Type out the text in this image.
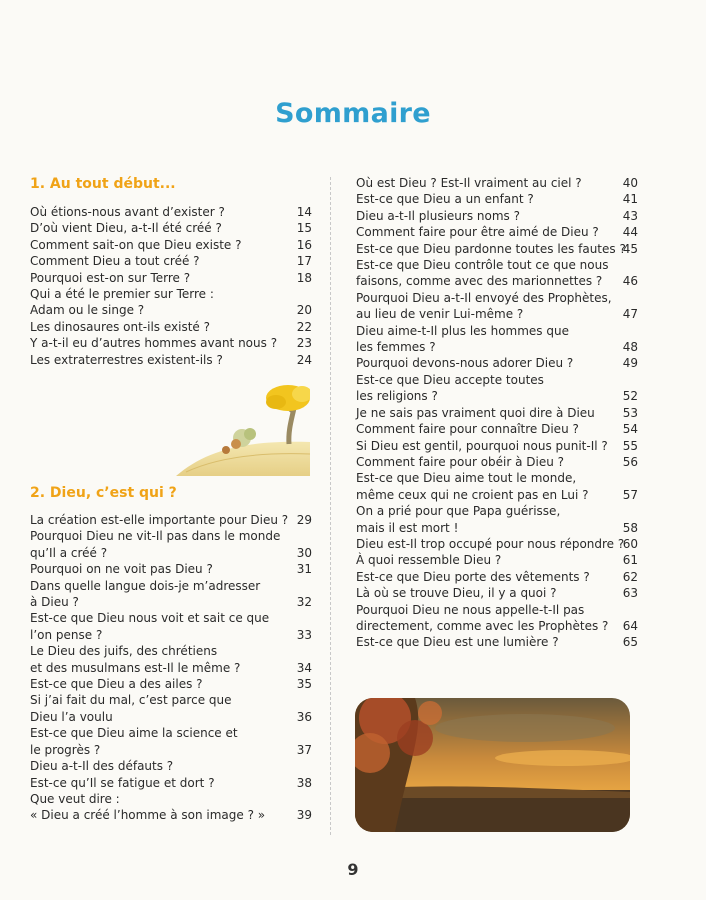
Sommaire
1. Au tout début...
Où étions-nous avant d’exister ?	14
D’où vient Dieu, a-t-Il été créé ?	15
Comment sait-on que Dieu existe ?	16
Comment Dieu a tout créé ?	17
Pourquoi est-on sur Terre ?	18
Qui a été le premier sur Terre :
Adam ou le singe ?	20
Les dinosaures ont-ils existé ?	22
Y a-t-il eu d’autres hommes avant nous ?	23
Les extraterrestres existent-ils ?	24
2. Dieu, c’est qui ?
La création est-elle importante pour Dieu ? 29
Pourquoi Dieu ne vit-Il pas dans le monde
qu’Il a créé ?	30
Pourquoi on ne voit pas Dieu ?	31
Dans quelle langue dois-je m’adresser
à Dieu ?	32
Est-ce que Dieu nous voit et sait ce que
l’on pense ?	33
Le Dieu des juifs, des chrétiens
et des musulmans est-Il le même ?	34
Est-ce que Dieu a des ailes ?	35
Si j’ai fait du mal, c’est parce que
Dieu l’a voulu	36
Est-ce que Dieu aime la science et
le progrès ?	37
Dieu a-t-Il des défauts ?
Est-ce qu’Il se fatigue et dort ?	38
Que veut dire :
« Dieu a créé l’homme à son image ? »	39
Où est Dieu ? Est-Il vraiment au ciel ?	40
Est-ce que Dieu a un enfant ?	41
Dieu a-t-Il plusieurs noms ?	43
Comment faire pour être aimé de Dieu ?	44
Est-ce que Dieu pardonne toutes les fautes ?
45
Est-ce que Dieu contrôle tout ce que nous
faisons, comme avec des marionnettes ?	46
Pourquoi Dieu a-t-Il envoyé des Prophètes,
au lieu de venir Lui-même ?	47
Dieu aime-t-Il plus les hommes que
les femmes ?	48
Pourquoi devons-nous adorer Dieu ?	49
Est-ce que Dieu accepte toutes
les religions ?	52
Je ne sais pas vraiment quoi dire à Dieu	53
Comment faire pour connaître Dieu ?	54
Si Dieu est gentil, pourquoi nous punit-Il ?	55
Comment faire pour obéir à Dieu ?	56
Est-ce que Dieu aime tout le monde,
même ceux qui ne croient pas en Lui ?	57
On a prié pour que Papa guérisse,
mais il est mort !	58
Dieu est-Il trop occupé pour nous répondre ?
60
À quoi ressemble Dieu ?	61
Est-ce que Dieu porte des vêtements ?	62
Là où se trouve Dieu, il y a quoi ?	63
Pourquoi Dieu ne nous appelle-t-Il pas
directement, comme avec les Prophètes ?	64
Est-ce que Dieu est une lumière ?	65
9
